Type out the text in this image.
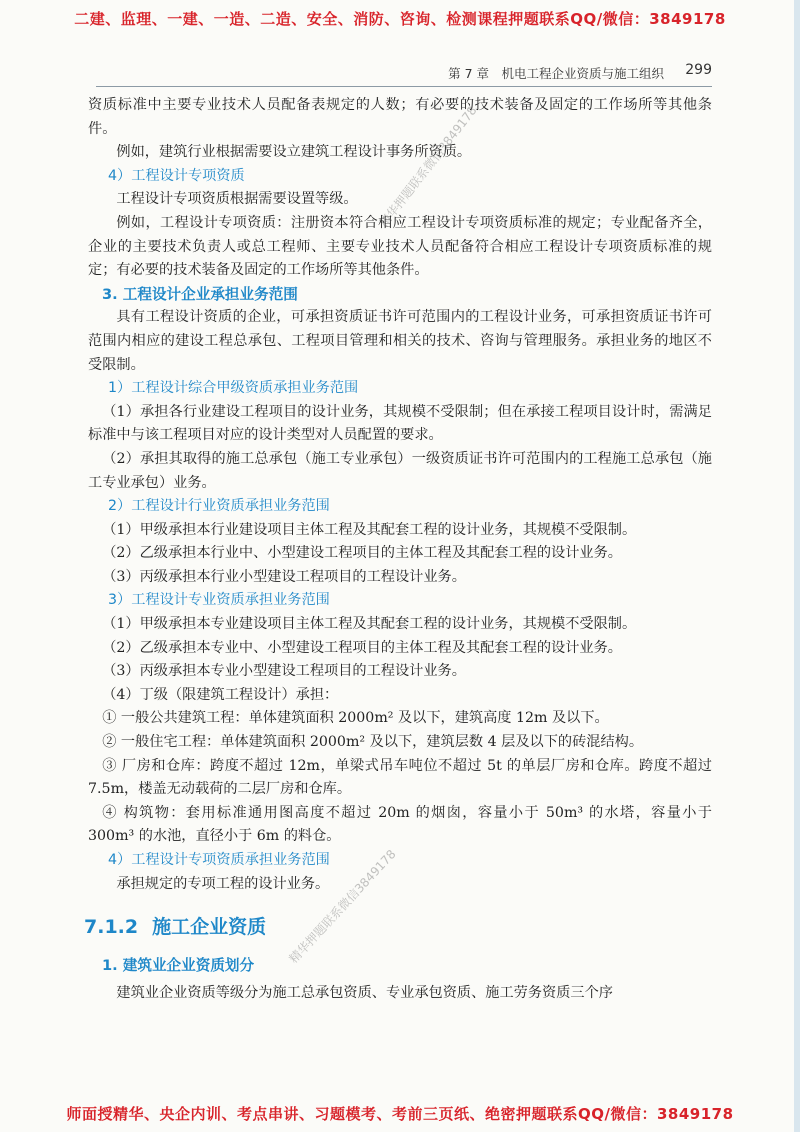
二建、监理、一建、一造、二造、安全、消防、咨询、检测课程押题联系QQ/微信：3849178
第 7 章　机电工程企业资质与施工组织 299

资质标准中主要专业技术人员配备表规定的人数；有必要的技术装备及固定的工作场所等其他条件。

例如，建筑行业根据需要设立建筑工程设计事务所资质。

4）工程设计专项资质

工程设计专项资质根据需要设置等级。

例如，工程设计专项资质：注册资本符合相应工程设计专项资质标准的规定；专业配备齐全，企业的主要技术负责人或总工程师、主要专业技术人员配备符合相应工程设计专项资质标准的规定；有必要的技术装备及固定的工作场所等其他条件。

3. 工程设计企业承担业务范围

具有工程设计资质的企业，可承担资质证书许可范围内的工程设计业务，可承担资质证书许可范围内相应的建设工程总承包、工程项目管理和相关的技术、咨询与管理服务。承担业务的地区不受限制。

1）工程设计综合甲级资质承担业务范围

（1）承担各行业建设工程项目的设计业务，其规模不受限制；但在承接工程项目设计时，需满足标准中与该工程项目对应的设计类型对人员配置的要求。

（2）承担其取得的施工总承包（施工专业承包）一级资质证书许可范围内的工程施工总承包（施工专业承包）业务。

2）工程设计行业资质承担业务范围

（1）甲级承担本行业建设项目主体工程及其配套工程的设计业务，其规模不受限制。

（2）乙级承担本行业中、小型建设工程项目的主体工程及其配套工程的设计业务。

（3）丙级承担本行业小型建设工程项目的工程设计业务。

3）工程设计专业资质承担业务范围

（1）甲级承担本专业建设项目主体工程及其配套工程的设计业务，其规模不受限制。

（2）乙级承担本专业中、小型建设工程项目的主体工程及其配套工程的设计业务。

（3）丙级承担本专业小型建设工程项目的工程设计业务。

（4）丁级（限建筑工程设计）承担：

① 一般公共建筑工程：单体建筑面积 2000m² 及以下，建筑高度 12m 及以下。

② 一般住宅工程：单体建筑面积 2000m² 及以下，建筑层数 4 层及以下的砖混结构。

③ 厂房和仓库：跨度不超过 12m，单梁式吊车吨位不超过 5t 的单层厂房和仓库。跨度不超过 7.5m，楼盖无动载荷的二层厂房和仓库。

④ 构筑物：套用标准通用图高度不超过 20m 的烟囱，容量小于 50m³ 的水塔，容量小于 300m³ 的水池，直径小于 6m 的料仓。

4）工程设计专项资质承担业务范围

承担规定的专项工程的设计业务。

7.1.2 施工企业资质
1. 建筑业企业资质划分

建筑业企业资质等级分为施工总承包资质、专业承包资质、施工劳务资质三个序

精华押题联系微信3849178
精华押题联系微信3849178
师面授精华、央企内训、考点串讲、习题模考、考前三页纸、绝密押题联系QQ/微信：3849178
